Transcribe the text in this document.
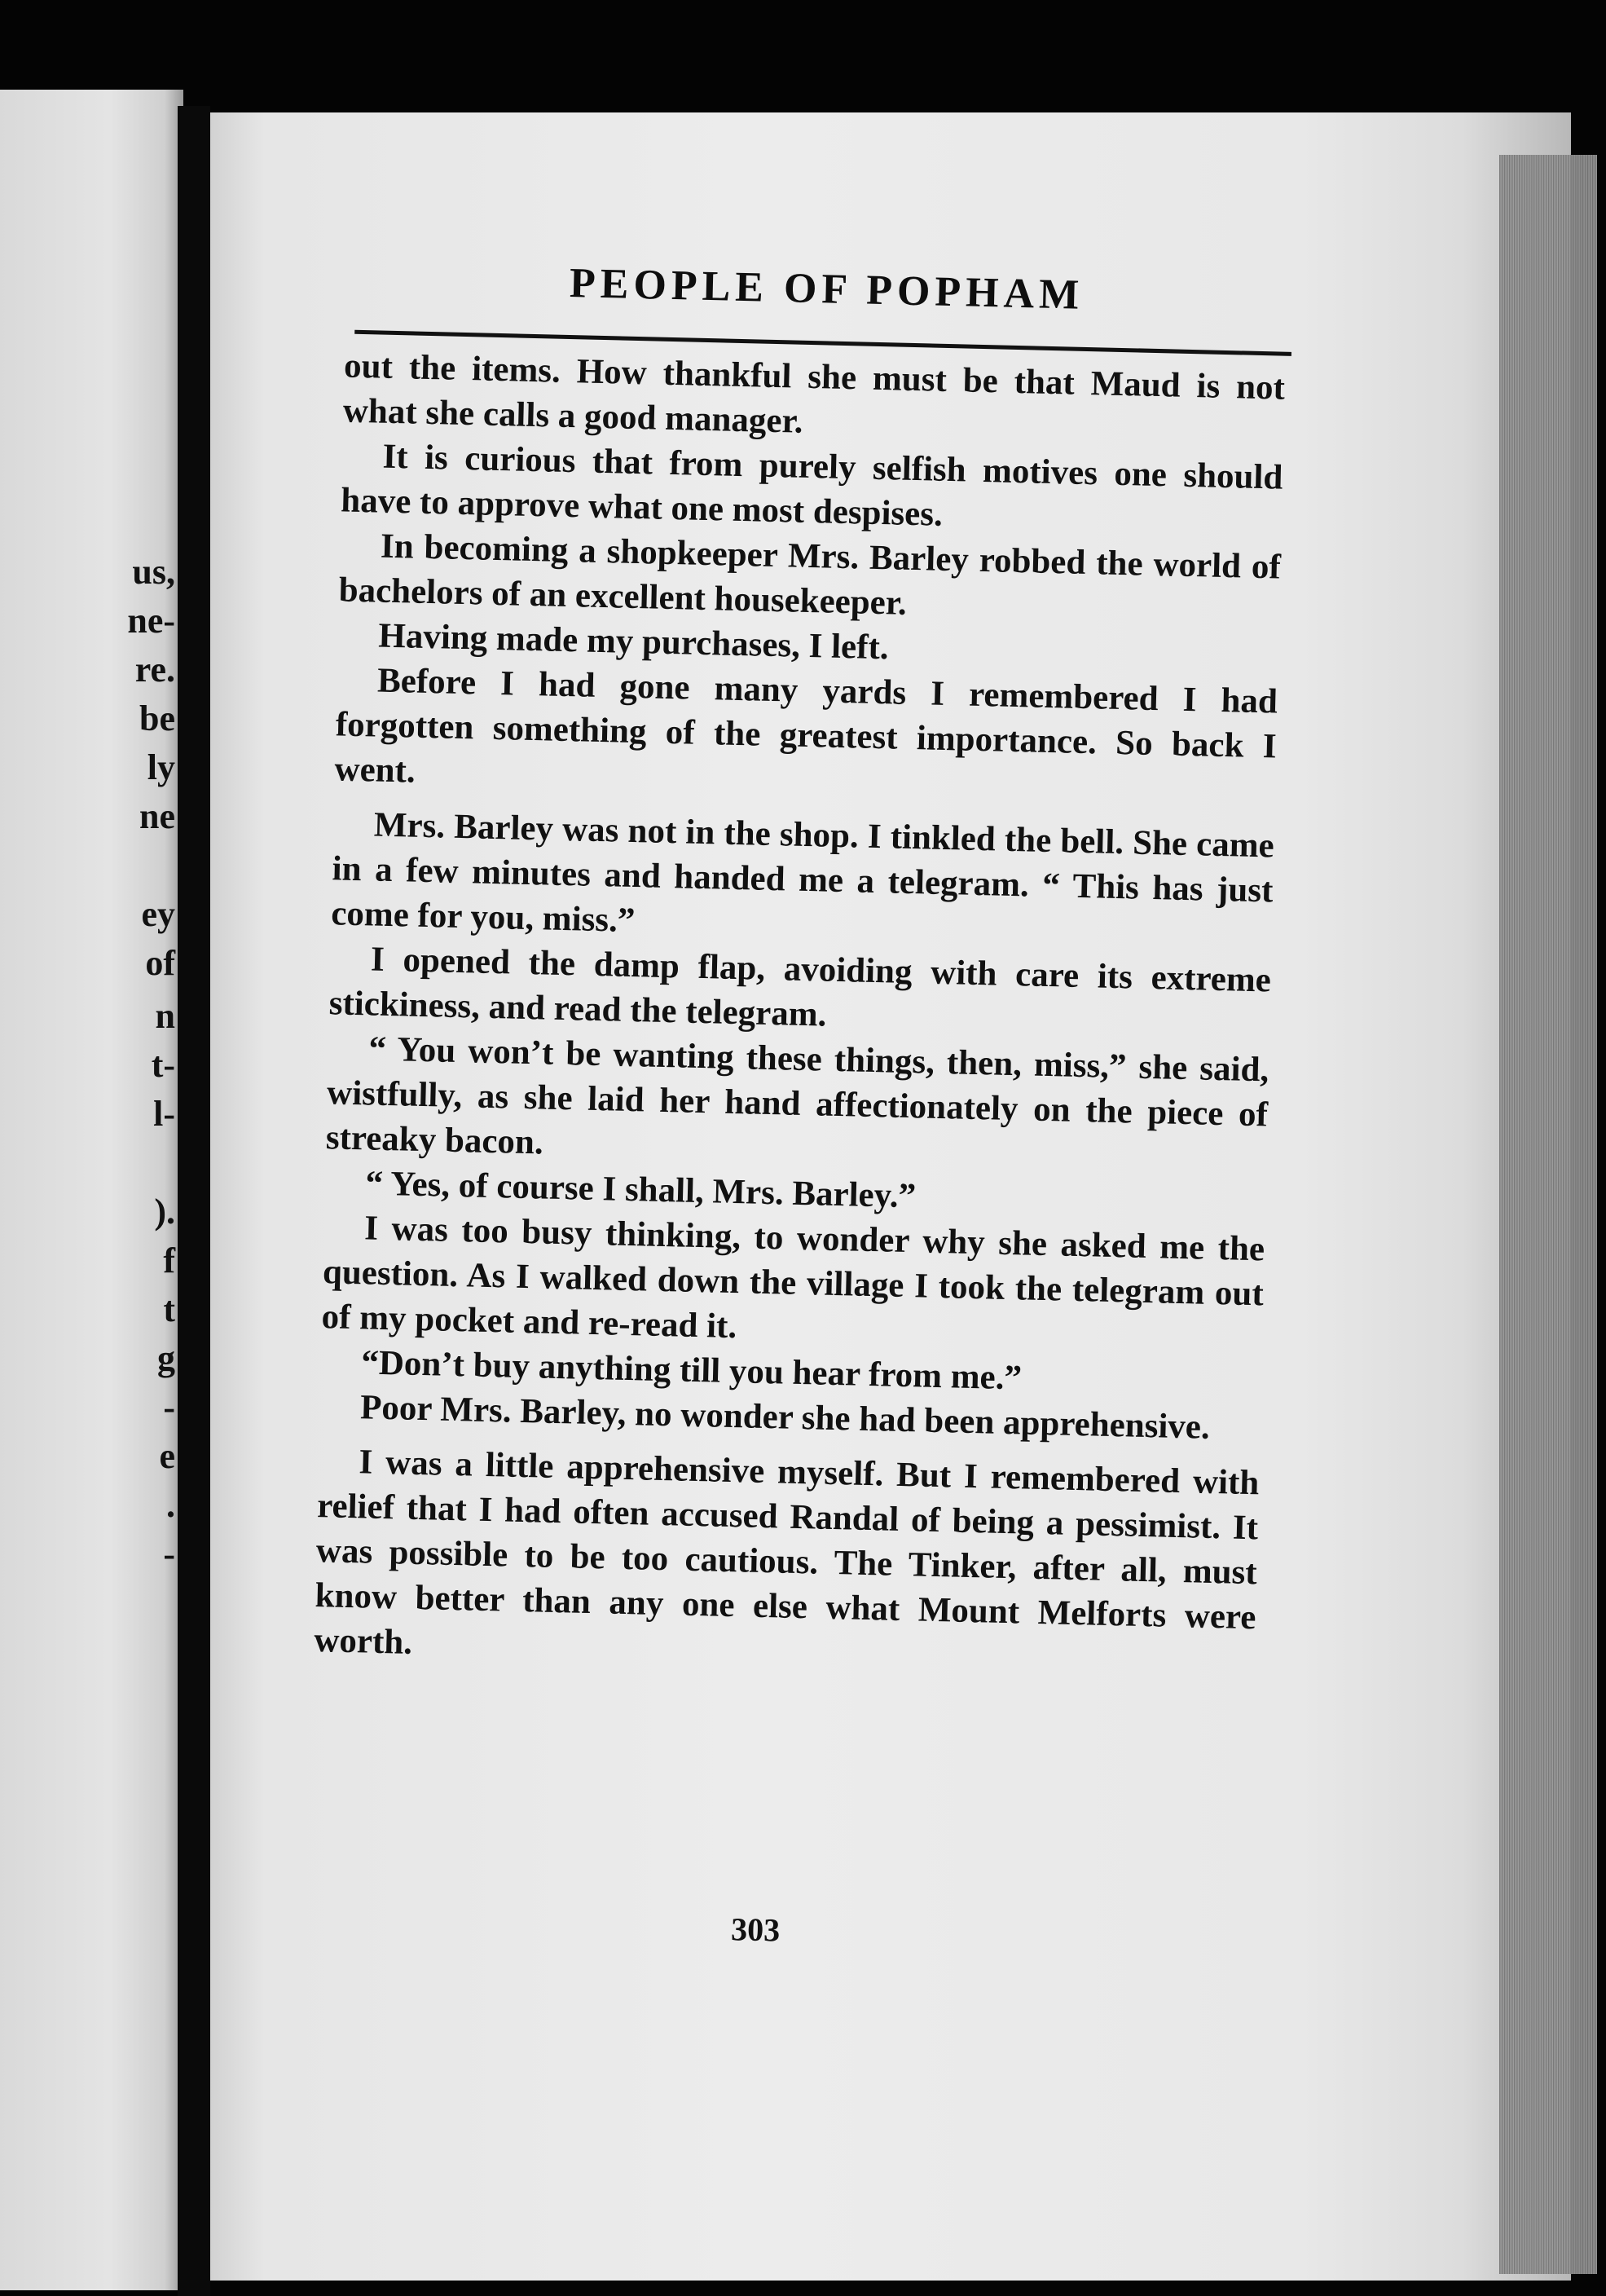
us,
ne-
re.
be
ly
ne
ey
of
n
t-
l-
).
f
t
g
-
e
.
-
PEOPLE OF POPHAM

out the items. How thankful she must be that Maud is not what she calls a good manager.

It is curious that from purely selfish motives one should have to approve what one most despises.

In becoming a shopkeeper Mrs. Barley robbed the world of bachelors of an excellent housekeeper.

Having made my purchases, I left.

Before I had gone many yards I remembered I had forgotten something of the greatest importance. So back I went.

Mrs. Barley was not in the shop. I tinkled the bell. She came in a few minutes and handed me a telegram. “ This has just come for you, miss.”

I opened the damp flap, avoiding with care its extreme stickiness, and read the telegram.

“ You won’t be wanting these things, then, miss,” she said, wistfully, as she laid her hand affectionately on the piece of streaky bacon.

“ Yes, of course I shall, Mrs. Barley.”

I was too busy thinking, to wonder why she asked me the question. As I walked down the village I took the telegram out of my pocket and re-read it.

“Don’t buy anything till you hear from me.”

Poor Mrs. Barley, no wonder she had been apprehensive.

I was a little apprehensive myself. But I remembered with relief that I had often accused Randal of being a pessimist. It was possible to be too cautious. The Tinker, after all, must know better than any one else what Mount Melforts were worth.

303
